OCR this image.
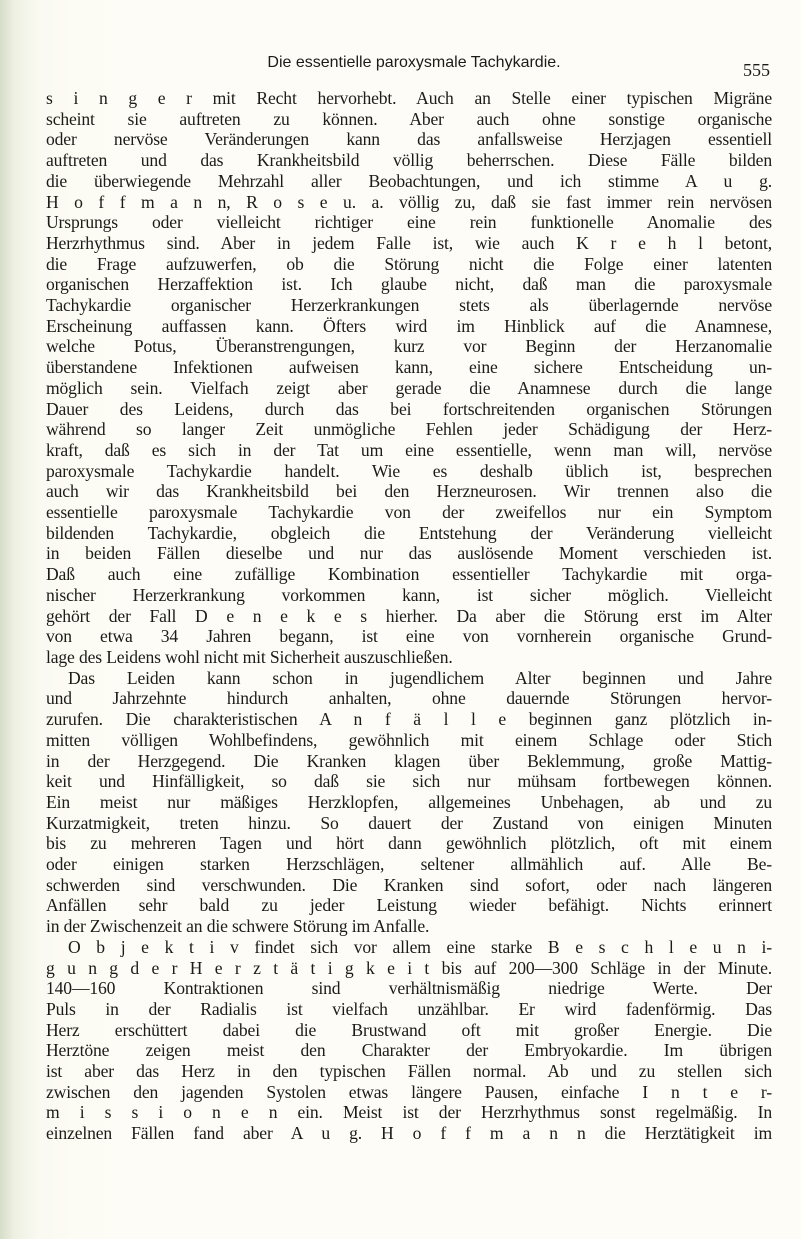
Die essentielle paroxysmale Tachykardie.	555
s i n g e r mit Recht hervorhebt. Auch an Stelle einer typischen Migräne
scheint sie auftreten zu können. Aber auch ohne sonstige organische
oder nervöse Veränderungen kann das anfallsweise Herzjagen essentiell
auftreten und das Krankheitsbild völlig beherrschen. Diese Fälle bilden
die überwiegende Mehrzahl aller Beobachtungen, und ich stimme A u g.
H o f f m a n n, R o s e u. a. völlig zu, daß sie fast immer rein nervösen
Ursprungs oder vielleicht richtiger eine rein funktionelle Anomalie des
Herzrhythmus sind. Aber in jedem Falle ist, wie auch K r e h l betont,
die Frage aufzuwerfen, ob die Störung nicht die Folge einer latenten
organischen Herzaffektion ist. Ich glaube nicht, daß man die paroxysmale
Tachykardie organischer Herzerkrankungen stets als überlagernde nervöse
Erscheinung auffassen kann. Öfters wird im Hinblick auf die Anamnese,
welche Potus, Überanstrengungen, kurz vor Beginn der Herzanomalie
überstandene Infektionen aufweisen kann, eine sichere Entscheidung un-
möglich sein. Vielfach zeigt aber gerade die Anamnese durch die lange
Dauer des Leidens, durch das bei fortschreitenden organischen Störungen
während so langer Zeit unmögliche Fehlen jeder Schädigung der Herz-
kraft, daß es sich in der Tat um eine essentielle, wenn man will, nervöse
paroxysmale Tachykardie handelt. Wie es deshalb üblich ist, besprechen
auch wir das Krankheitsbild bei den Herzneurosen. Wir trennen also die
essentielle paroxysmale Tachykardie von der zweifellos nur ein Symptom
bildenden Tachykardie, obgleich die Entstehung der Veränderung vielleicht
in beiden Fällen dieselbe und nur das auslösende Moment verschieden ist.
Daß auch eine zufällige Kombination essentieller Tachykardie mit orga-
nischer Herzerkrankung vorkommen kann, ist sicher möglich. Vielleicht
gehört der Fall D e n e k e s hierher. Da aber die Störung erst im Alter
von etwa 34 Jahren begann, ist eine von vornherein organische Grund-
lage des Leidens wohl nicht mit Sicherheit auszuschließen.
Das Leiden kann schon in jugendlichem Alter beginnen und Jahre
und Jahrzehnte hindurch anhalten, ohne dauernde Störungen hervor-
zurufen. Die charakteristischen A n f ä l l e beginnen ganz plötzlich in-
mitten völligen Wohlbefindens, gewöhnlich mit einem Schlage oder Stich
in der Herzgegend. Die Kranken klagen über Beklemmung, große Mattig-
keit und Hinfälligkeit, so daß sie sich nur mühsam fortbewegen können.
Ein meist nur mäßiges Herzklopfen, allgemeines Unbehagen, ab und zu
Kurzatmigkeit, treten hinzu. So dauert der Zustand von einigen Minuten
bis zu mehreren Tagen und hört dann gewöhnlich plötzlich, oft mit einem
oder einigen starken Herzschlägen, seltener allmählich auf. Alle Be-
schwerden sind verschwunden. Die Kranken sind sofort, oder nach längeren
Anfällen sehr bald zu jeder Leistung wieder befähigt. Nichts erinnert
in der Zwischenzeit an die schwere Störung im Anfalle.
O b j e k t i v findet sich vor allem eine starke B e s c h l e u n i-
g u n g d e r H e r z t ä t i g k e i t bis auf 200—300 Schläge in der Minute.
140—160 Kontraktionen sind verhältnismäßig niedrige Werte. Der
Puls in der Radialis ist vielfach unzählbar. Er wird fadenförmig. Das
Herz erschüttert dabei die Brustwand oft mit großer Energie. Die
Herztöne zeigen meist den Charakter der Embryokardie. Im übrigen
ist aber das Herz in den typischen Fällen normal. Ab und zu stellen sich
zwischen den jagenden Systolen etwas längere Pausen, einfache I n t e r-
m i s s i o n e n ein. Meist ist der Herzrhythmus sonst regelmäßig. In
einzelnen Fällen fand aber A u g. H o f f m a n n die Herztätigkeit im
